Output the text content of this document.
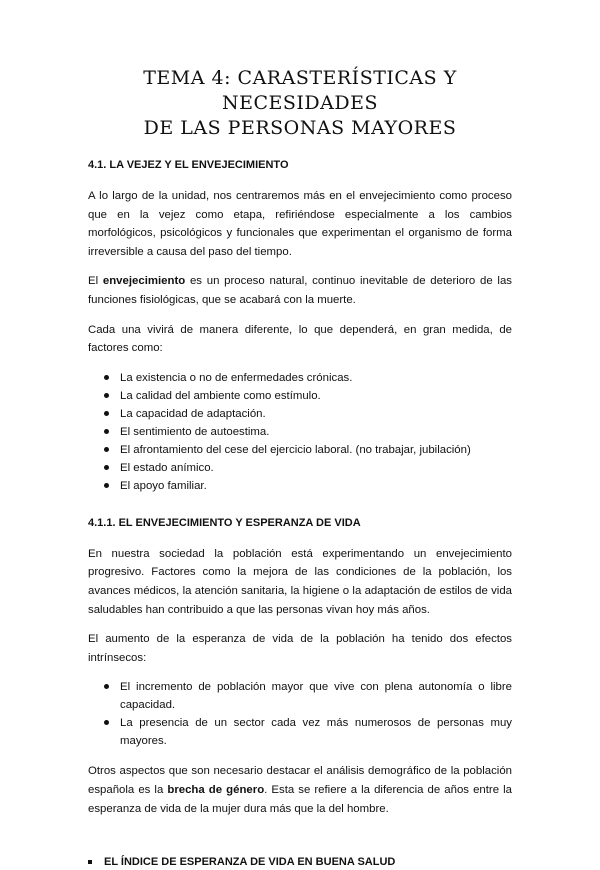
TEMA 4: CARASTERÍSTICAS Y NECESIDADES
DE LAS PERSONAS MAYORES
4.1. LA VEJEZ Y EL ENVEJECIMIENTO

A lo largo de la unidad, nos centraremos más en el envejecimiento como proceso que en la vejez como etapa, refiriéndose especialmente a los cambios morfológicos, psicológicos y funcionales que experimentan el organismo de forma irreversible a causa del paso del tiempo.

El envejecimiento es un proceso natural, continuo inevitable de deterioro de las funciones fisiológicas, que se acabará con la muerte.

Cada una vivirá de manera diferente, lo que dependerá, en gran medida, de factores como:

La existencia o no de enfermedades crónicas.
La calidad del ambiente como estímulo.
La capacidad de adaptación.
El sentimiento de autoestima.
El afrontamiento del cese del ejercicio laboral. (no trabajar, jubilación)
El estado anímico.
El apoyo familiar.
4.1.1. EL ENVEJECIMIENTO Y ESPERANZA DE VIDA

En nuestra sociedad la población está experimentando un envejecimiento progresivo. Factores como la mejora de las condiciones de la población, los avances médicos, la atención sanitaria, la higiene o la adaptación de estilos de vida saludables han contribuido a que las personas vivan hoy más años.

El aumento de la esperanza de vida de la población ha tenido dos efectos intrínsecos:

El incremento de población mayor que vive con plena autonomía o libre capacidad.
La presencia de un sector cada vez más numerosos de personas muy mayores.

Otros aspectos que son necesario destacar el análisis demográfico de la población española es la brecha de género. Esta se refiere a la diferencia de años entre la esperanza de vida de la mujer dura más que la del hombre.

EL ÍNDICE DE ESPERANZA DE VIDA EN BUENA SALUD
